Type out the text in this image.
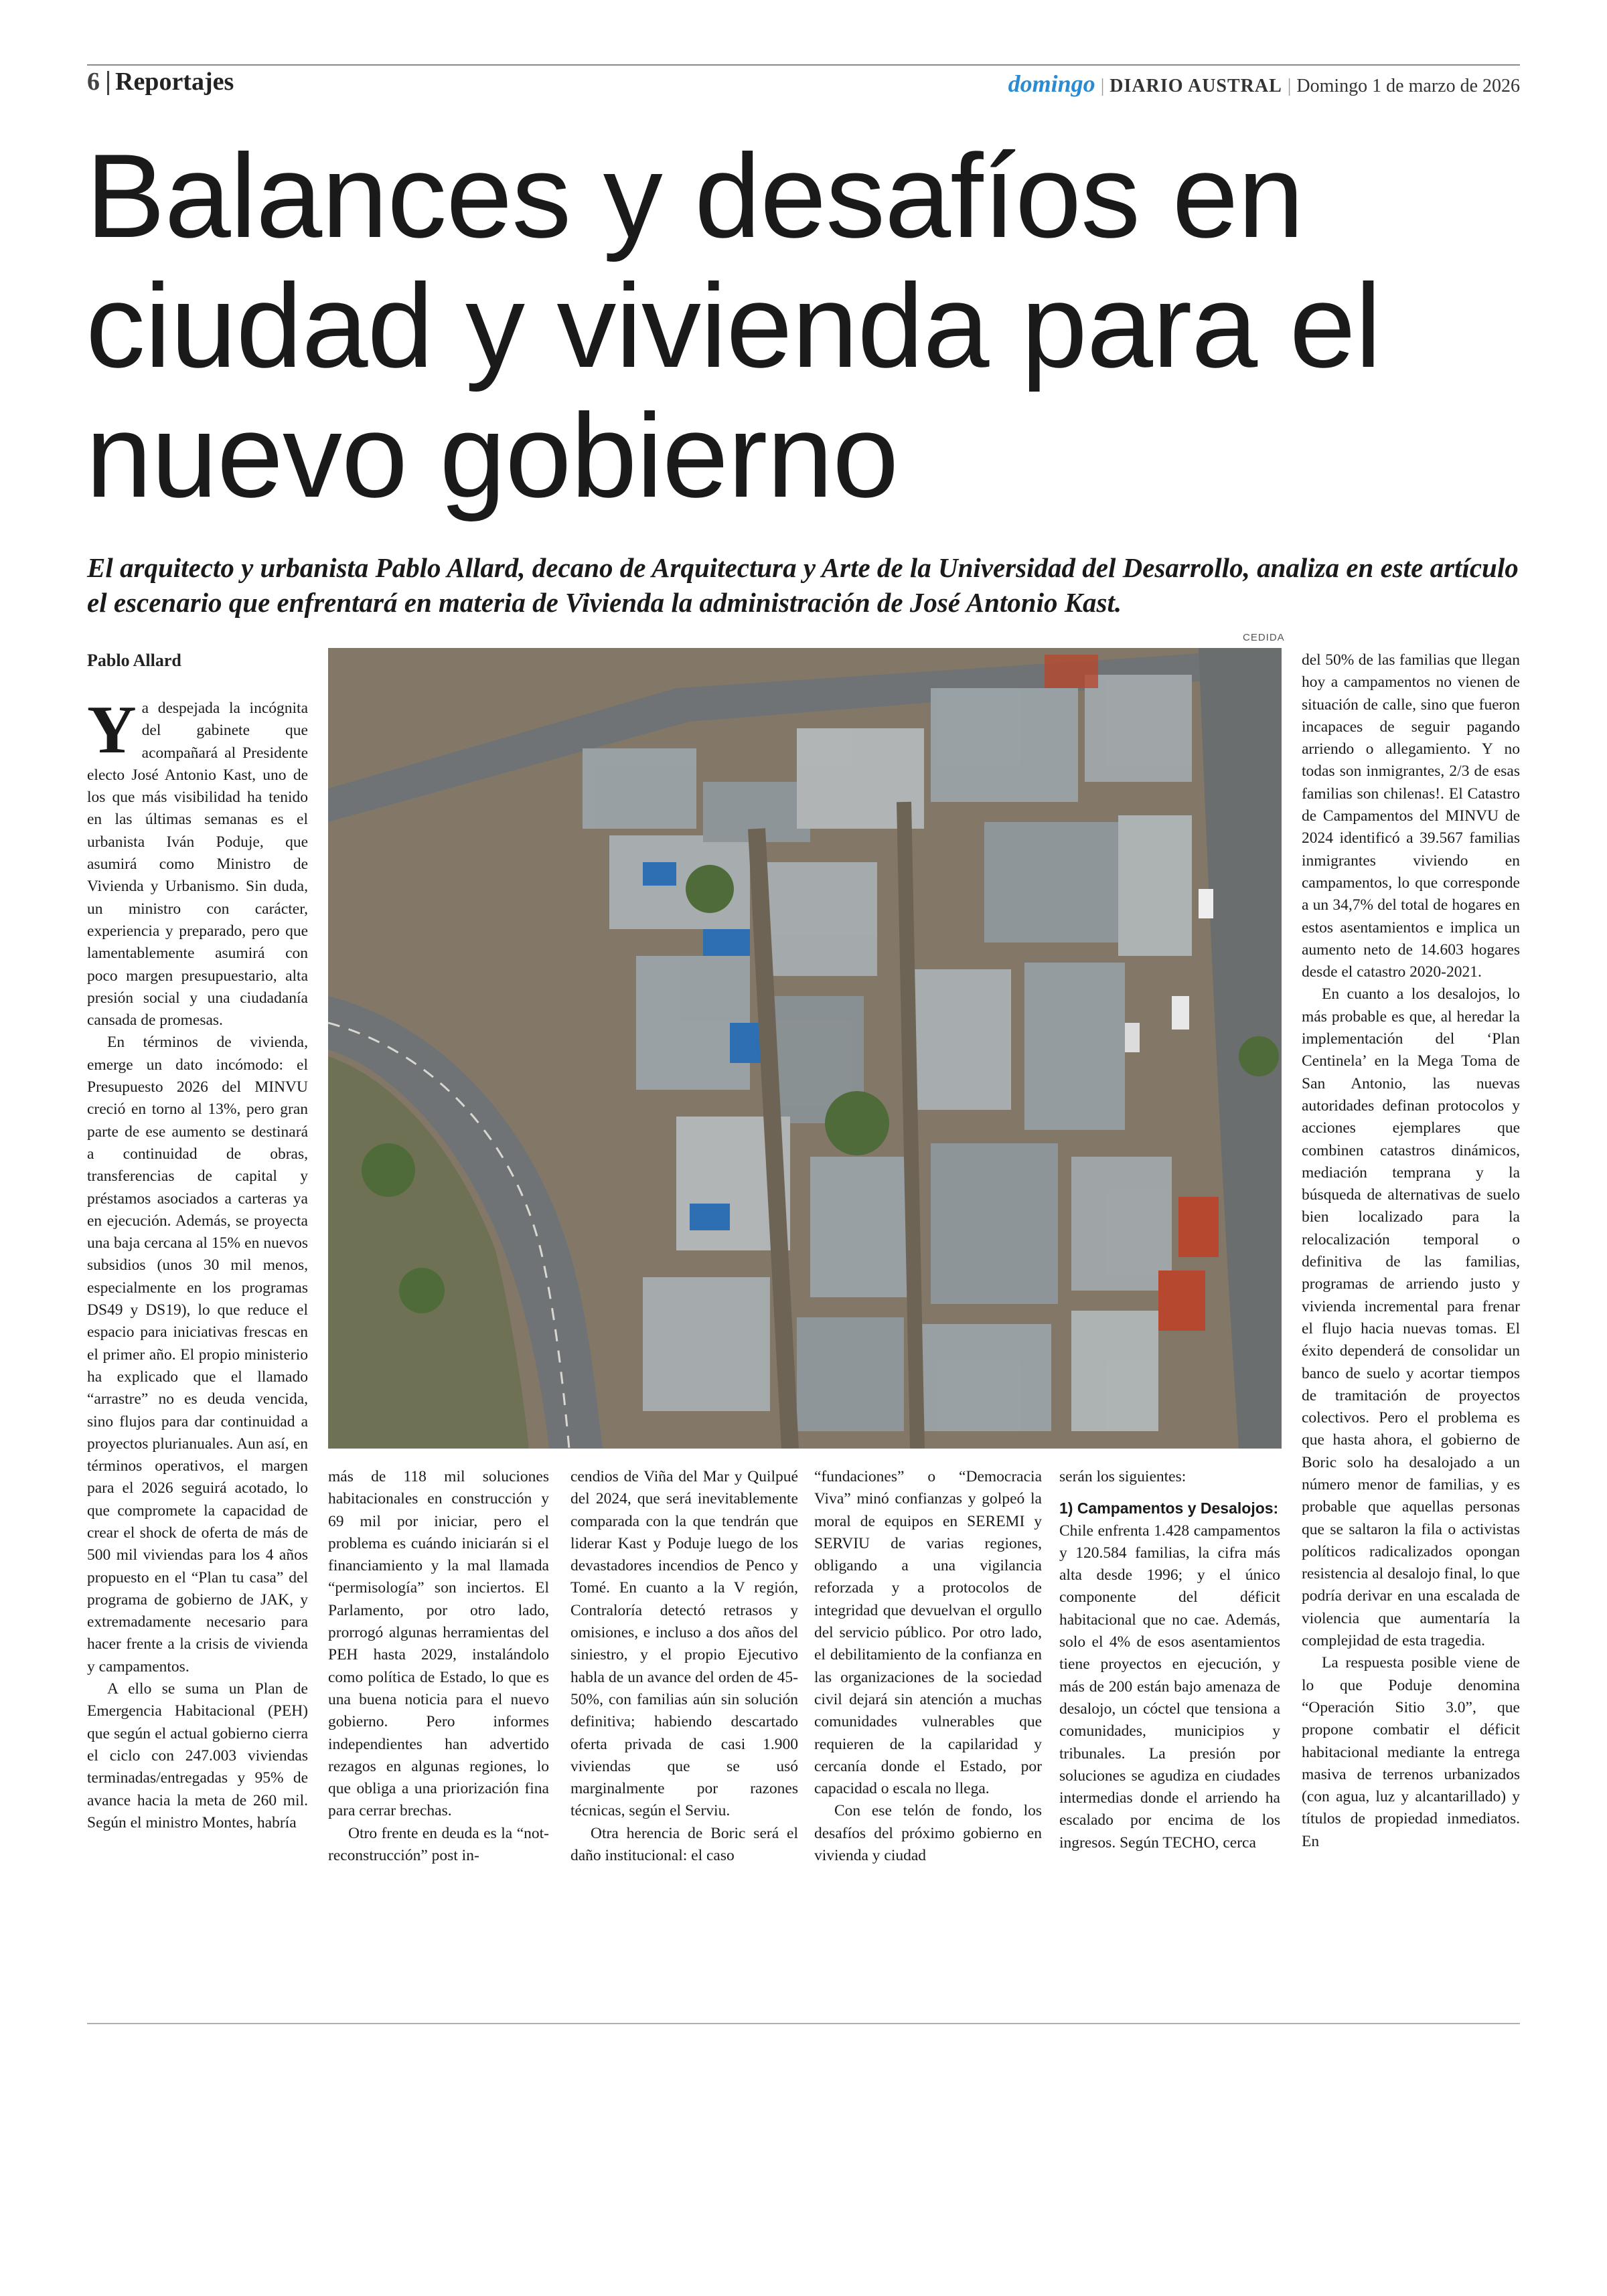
6 Reportajes	domingo | DIARIO AUSTRAL | Domingo 1 de marzo de 2026
Balances y desafíos en ciudad y vivienda para el nuevo gobierno

El arquitecto y urbanista Pablo Allard, decano de Arquitectura y Arte de la Universidad del Desarrollo, analiza en este artículo el escenario que enfrentará en materia de Vivienda la administración de José Antonio Kast.

Pablo Allard
CEDIDA

Ya despejada la incógnita del gabinete que acompañará al Presidente electo José Antonio Kast, uno de los que más visibilidad ha tenido en las últimas semanas es el urbanista Iván Poduje, que asumirá como Ministro de Vivienda y Urbanismo. Sin duda, un ministro con carácter, experiencia y preparado, pero que lamentablemente asumirá con poco margen presupuestario, alta presión social y una ciudadanía cansada de promesas.

En términos de vivienda, emerge un dato incómodo: el Presupuesto 2026 del MINVU creció en torno al 13%, pero gran parte de ese aumento se destinará a continuidad de obras, transferencias de capital y préstamos asociados a carteras ya en ejecución. Además, se proyecta una baja cercana al 15% en nuevos subsidios (unos 30 mil menos, especialmente en los programas DS49 y DS19), lo que reduce el espacio para iniciativas frescas en el primer año. El propio ministerio ha explicado que el llamado “arrastre” no es deuda vencida, sino flujos para dar continuidad a proyectos plurianuales. Aun así, en términos operativos, el margen para el 2026 seguirá acotado, lo que compromete la capacidad de crear el shock de oferta de más de 500 mil viviendas para los 4 años propuesto en el “Plan tu casa” del programa de gobierno de JAK, y extremadamente necesario para hacer frente a la crisis de vivienda y campamentos.

A ello se suma un Plan de Emergencia Habitacional (PEH) que según el actual gobierno cierra el ciclo con 247.003 viviendas terminadas/entregadas y 95% de avance hacia la meta de 260 mil. Según el ministro Montes, habría

más de 118 mil soluciones habitacionales en construcción y 69 mil por iniciar, pero el problema es cuándo iniciarán si el financiamiento y la mal llamada “permisología” son inciertos. El Parlamento, por otro lado, prorrogó algunas herramientas del PEH hasta 2029, instalándolo como política de Estado, lo que es una buena noticia para el nuevo gobierno. Pero informes independientes han advertido rezagos en algunas regiones, lo que obliga a una priorización fina para cerrar brechas.

Otro frente en deuda es la “not-reconstrucción” post in-

cendios de Viña del Mar y Quilpué del 2024, que será inevitablemente comparada con la que tendrán que liderar Kast y Poduje luego de los devastadores incendios de Penco y Tomé. En cuanto a la V región, Contraloría detectó retrasos y omisiones, e incluso a dos años del siniestro, y el propio Ejecutivo habla de un avance del orden de 45-50%, con familias aún sin solución definitiva; habiendo descartado oferta privada de casi 1.900 viviendas que se usó marginalmente por razones técnicas, según el Serviu.

Otra herencia de Boric será el daño institucional: el caso

“fundaciones” o “Democracia Viva” minó confianzas y golpeó la moral de equipos en SEREMI y SERVIU de varias regiones, obligando a una vigilancia reforzada y a protocolos de integridad que devuelvan el orgullo del servicio público. Por otro lado, el debilitamiento de la confianza en las organizaciones de la sociedad civil dejará sin atención a muchas comunidades vulnerables que requieren de la capilaridad y cercanía donde el Estado, por capacidad o escala no llega.

Con ese telón de fondo, los desafíos del próximo gobierno en vivienda y ciudad

serán los siguientes:

1) Campamentos y Desalojos:

Chile enfrenta 1.428 campamentos y 120.584 familias, la cifra más alta desde 1996; y el único componente del déficit habitacional que no cae. Además, solo el 4% de esos asentamientos tiene proyectos en ejecución, y más de 200 están bajo amenaza de desalojo, un cóctel que tensiona a comunidades, municipios y tribunales. La presión por soluciones se agudiza en ciudades intermedias donde el arriendo ha escalado por encima de los ingresos. Según TECHO, cerca

del 50% de las familias que llegan hoy a campamentos no vienen de situación de calle, sino que fueron incapaces de seguir pagando arriendo o allegamiento. Y no todas son inmigrantes, 2/3 de esas familias son chilenas!. El Catastro de Campamentos del MINVU de 2024 identificó a 39.567 familias inmigrantes viviendo en campamentos, lo que corresponde a un 34,7% del total de hogares en estos asentamientos e implica un aumento neto de 14.603 hogares desde el catastro 2020-2021.

En cuanto a los desalojos, lo más probable es que, al heredar la implementación del ‘Plan Centinela’ en la Mega Toma de San Antonio, las nuevas autoridades definan protocolos y acciones ejemplares que combinen catastros dinámicos, mediación temprana y la búsqueda de alternativas de suelo bien localizado para la relocalización temporal o definitiva de las familias, programas de arriendo justo y vivienda incremental para frenar el flujo hacia nuevas tomas. El éxito dependerá de consolidar un banco de suelo y acortar tiempos de tramitación de proyectos colectivos. Pero el problema es que hasta ahora, el gobierno de Boric solo ha desalojado a un número menor de familias, y es probable que aquellas personas que se saltaron la fila o activistas políticos radicalizados opongan resistencia al desalojo final, lo que podría derivar en una escalada de violencia que aumentaría la complejidad de esta tragedia.

La respuesta posible viene de lo que Poduje denomina “Operación Sitio 3.0”, que propone combatir el déficit habitacional mediante la entrega masiva de terrenos urbanizados (con agua, luz y alcantarillado) y títulos de propiedad inmediatos. En
